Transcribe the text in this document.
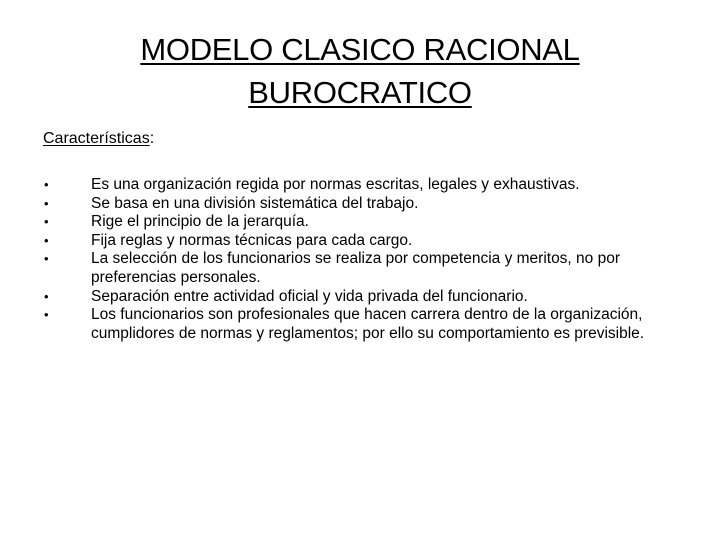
MODELO CLASICO RACIONAL
BUROCRATICO
Características:
•	Es una organización regida por normas escritas, legales y exhaustivas.
•	Se basa en una división sistemática del trabajo.
•	Rige el principio de la jerarquía.
•	Fija reglas y normas técnicas para cada cargo.
•	La selección de los funcionarios se realiza por competencia y meritos, no por preferencias personales.
•	Separación entre actividad oficial y vida privada del funcionario.
•	Los funcionarios son profesionales que hacen carrera dentro de la organización, cumplidores de normas y reglamentos; por ello su comportamiento es previsible.
